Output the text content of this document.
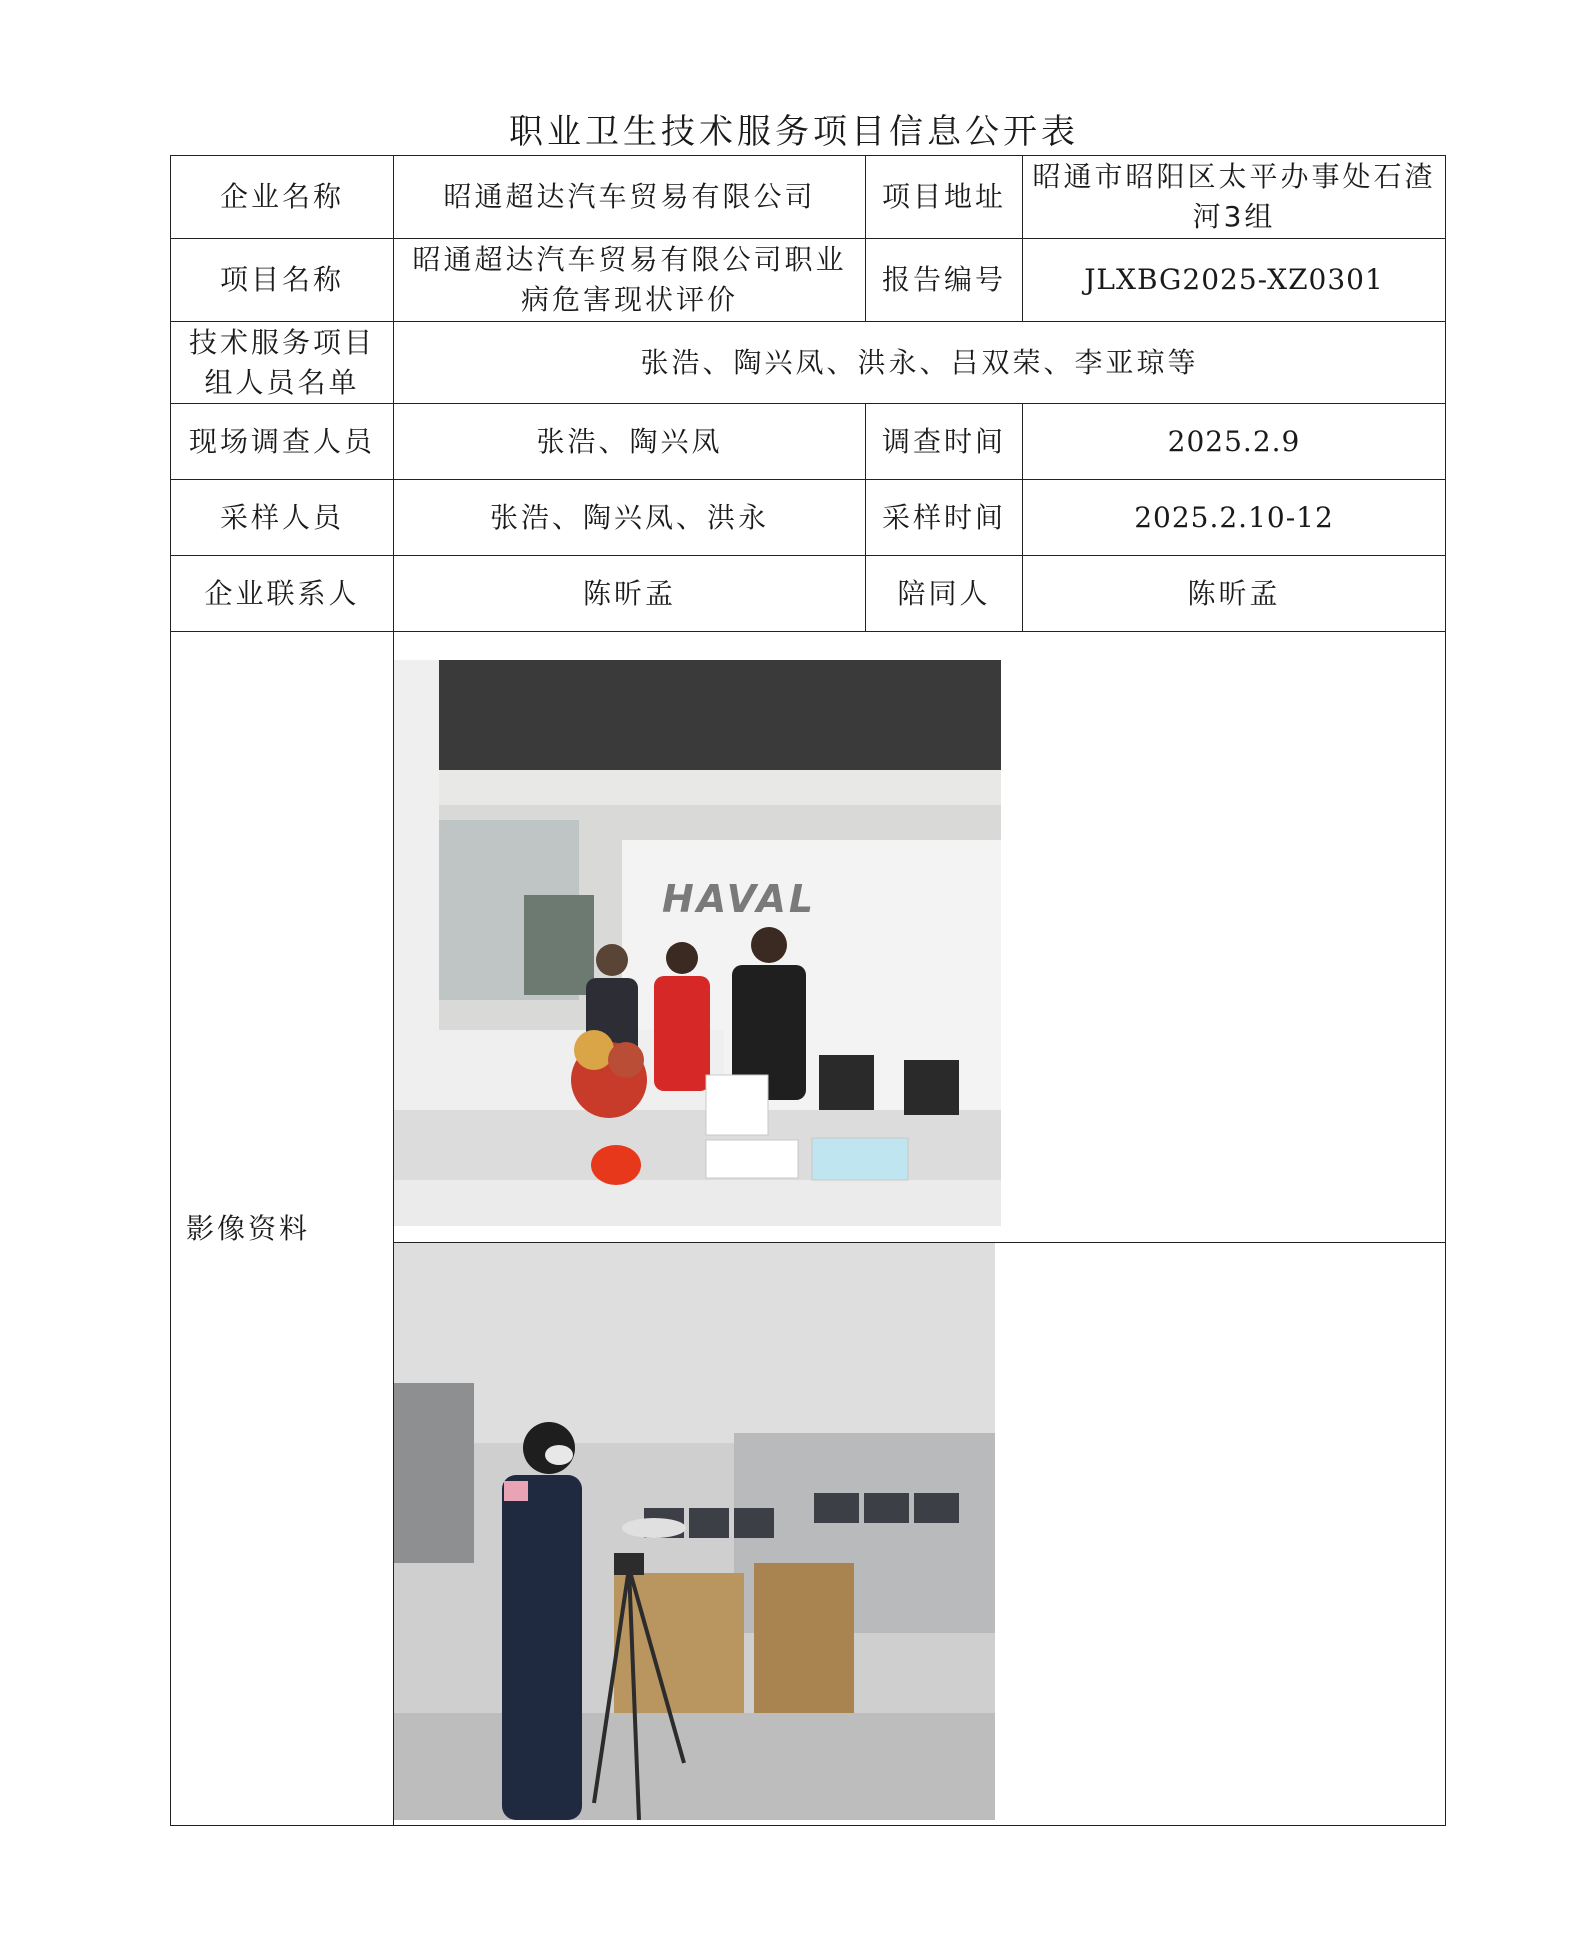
职业卫生技术服务项目信息公开表
企业名称	昭通超达汽车贸易有限公司	项目地址	昭通市昭阳区太平办事处石渣河3组
项目名称	昭通超达汽车贸易有限公司职业病危害现状评价	报告编号	JLXBG2025-XZ0301
技术服务项目组人员名单	张浩、陶兴凤、洪永、吕双荣、李亚琼等		
现场调查人员	张浩、陶兴凤	调查时间	2025.2.9
采样人员	张浩、陶兴凤、洪永	采样时间	2025.2.10-12
企业联系人	陈昕孟	陪同人	陈昕孟
影像资料	HAVAL		
